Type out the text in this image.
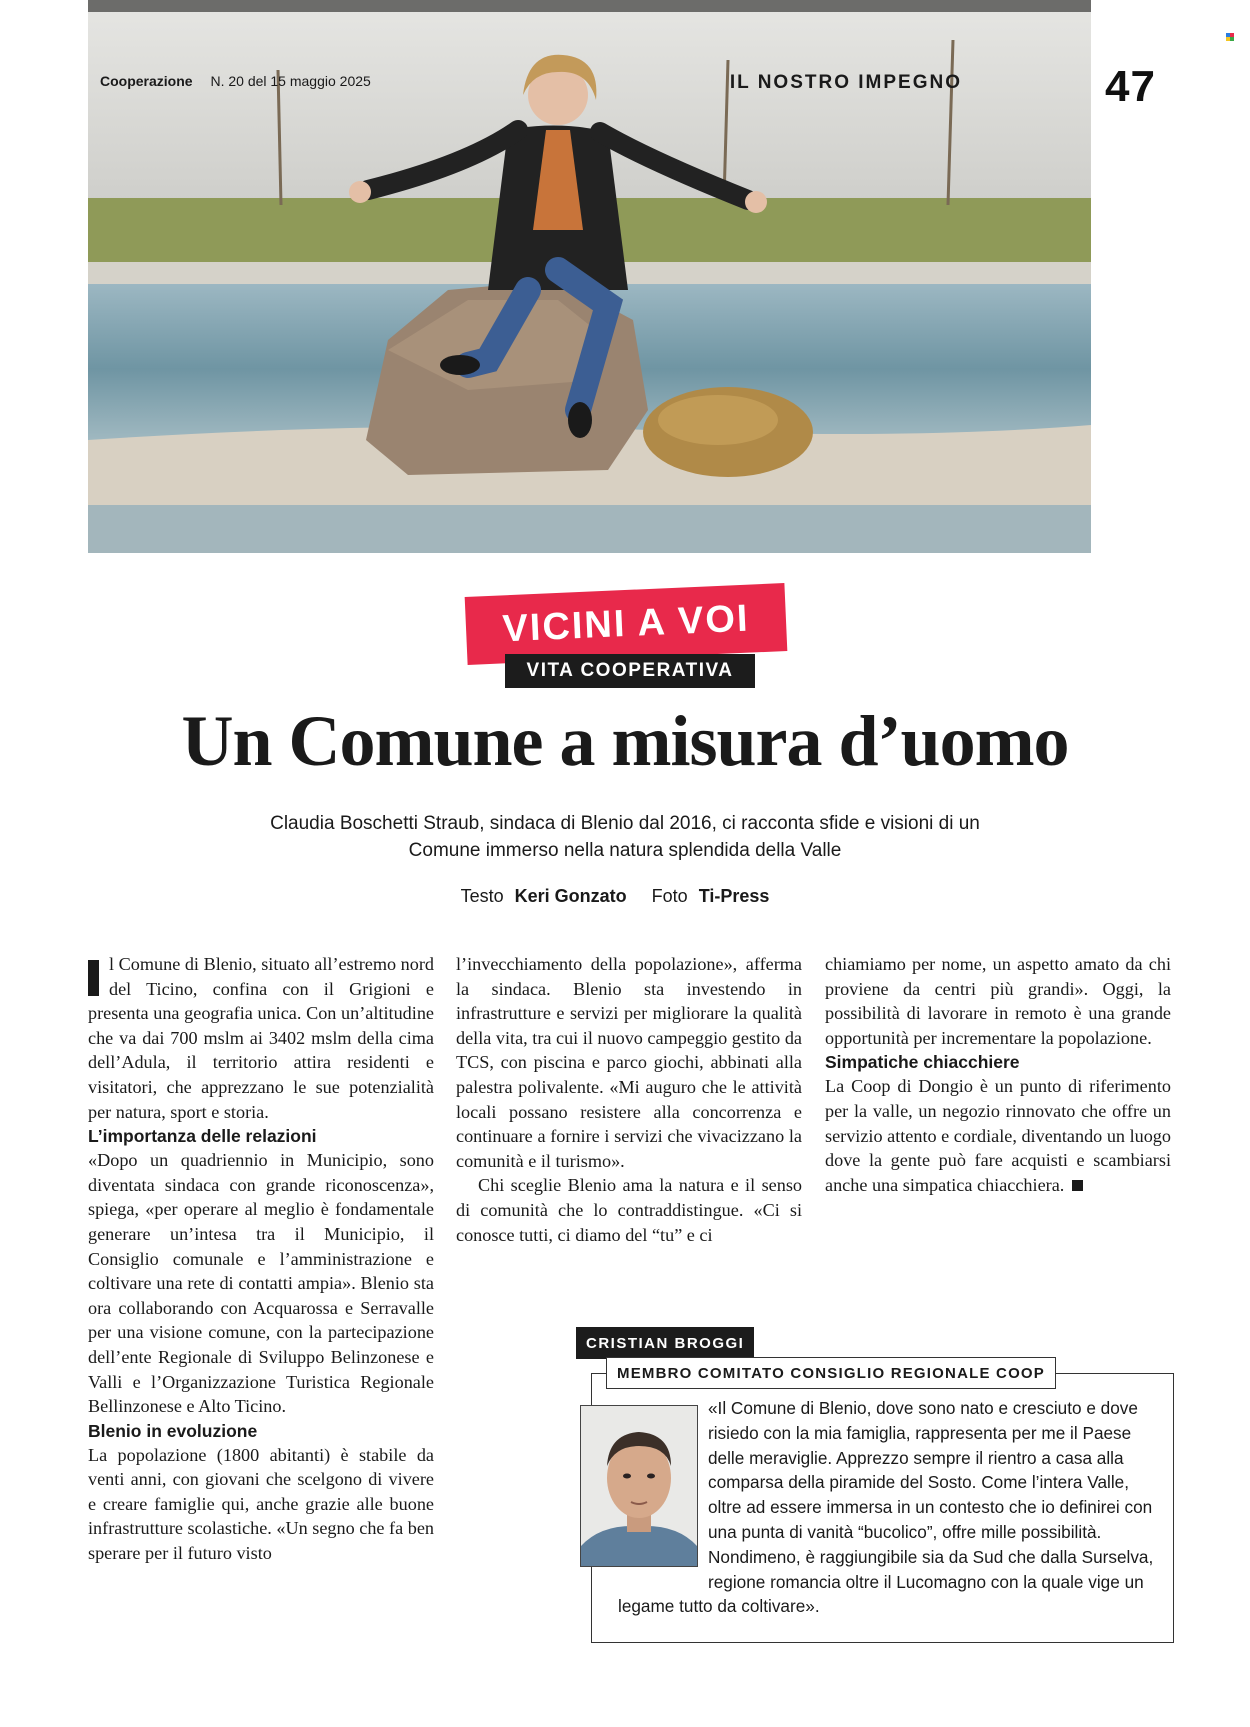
Cooperazione N. 20 del 15 maggio 2025	IL NOSTRO IMPEGNO	47
VICINI A VOI
VITA COOPERATIVA
Un Comune a misura d’uomo

Claudia Boschetti Straub, sindaca di Blenio dal 2016, ci racconta sfide e visioni di un Comune immerso nella natura splendida della Valle

Testo Keri Gonzato Foto Ti-Press

l Comune di Blenio, situato all’estremo nord del Ticino, confina con il Grigioni e presenta una geografia unica. Con un’altitudine che va dai 700 mslm ai 3402 mslm della cima dell’Adula, il territorio attira residenti e visitatori, che apprezzano le sue potenzialità per natura, sport e storia.

L’importanza delle relazioni

«Dopo un quadriennio in Municipio, sono diventata sindaca con grande riconoscenza», spiega, «per operare al meglio è fondamentale generare un’intesa tra il Municipio, il Consiglio comunale e l’amministrazione e coltivare una rete di contatti ampia». Blenio sta ora collaborando con Acquarossa e Serravalle per una visione comune, con la partecipazione dell’ente Regionale di Sviluppo Belinzonese e Valli e l’Organizzazione Turistica Regionale Bellinzonese e Alto Ticino.

Blenio in evoluzione

La popolazione (1800 abitanti) è stabile da venti anni, con giovani che scelgono di vivere e creare famiglie qui, anche grazie alle buone infrastrutture scolastiche. «Un segno che fa ben sperare per il futuro visto

l’invecchiamento della popolazione», afferma la sindaca. Blenio sta investendo in infrastrutture e servizi per migliorare la qualità della vita, tra cui il nuovo campeggio gestito da TCS, con piscina e parco giochi, abbinati alla palestra polivalente. «Mi auguro che le attività locali possano resistere alla concorrenza e continuare a fornire i servizi che vivacizzano la comunità e il turismo».

Chi sceglie Blenio ama la natura e il senso di comunità che lo contraddistingue. «Ci si conosce tutti, ci diamo del “tu” e ci

chiamiamo per nome, un aspetto amato da chi proviene da centri più grandi». Oggi, la possibilità di lavorare in remoto è una grande opportunità per incrementare la popolazione.

Simpatiche chiacchiere

La Coop di Dongio è un punto di riferimento per la valle, un negozio rinnovato che offre un servizio attento e cordiale, diventando un luogo dove la gente può fare acquisti e scambiarsi anche una simpatica chiacchiera.

CRISTIAN BROGGI
MEMBRO COMITATO CONSIGLIO REGIONALE COOP

«Il Comune di Blenio, dove sono nato e cresciuto e dove risiedo con la mia famiglia, rappresenta per me il Paese delle meraviglie. Apprezzo sempre il rientro a casa alla comparsa della piramide del Sosto. Come l’intera Valle, oltre ad essere immersa in un contesto che io definirei con una punta di vanità “bucolico”, offre mille possibilità. Nondimeno, è raggiungibile sia da Sud che dalla Surselva, regione romancia oltre il Lucomagno con la quale vige un legame tutto da coltivare».
